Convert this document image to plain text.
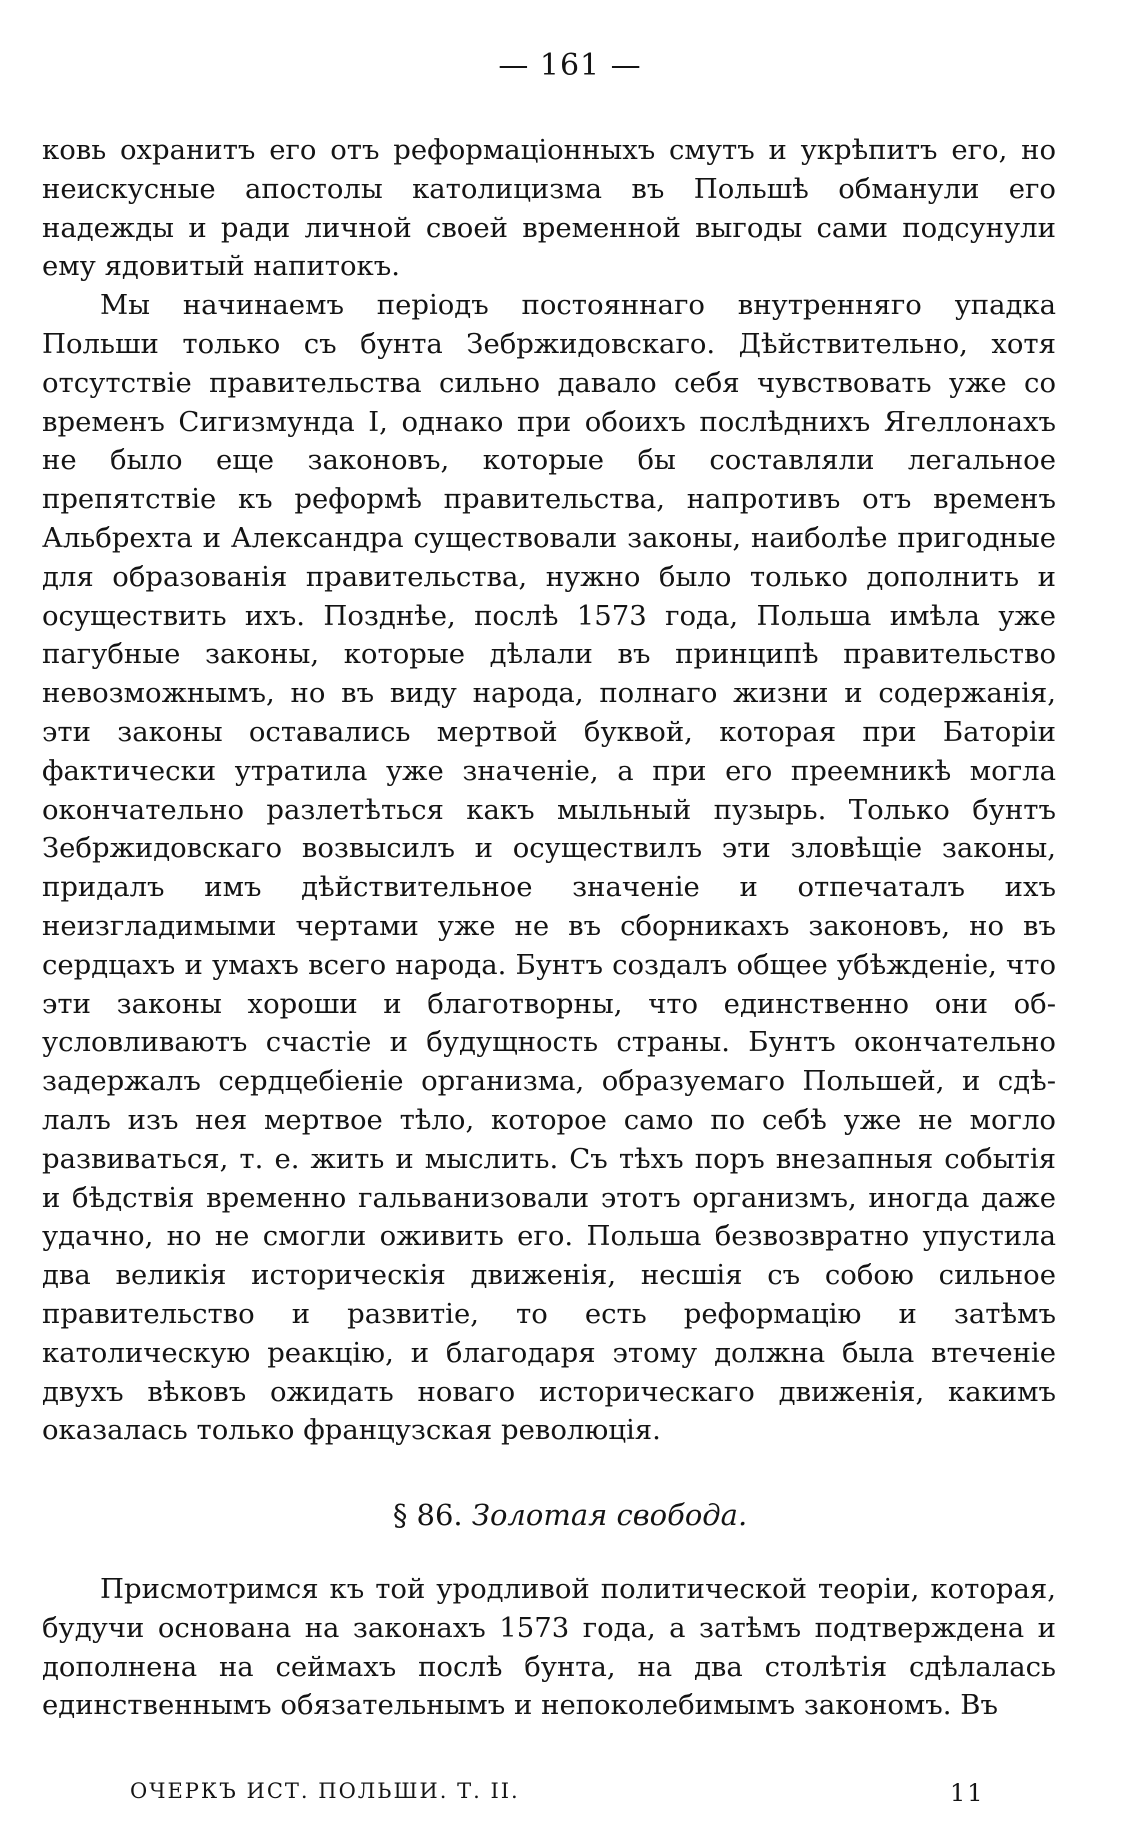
— 161 —

ковь охранитъ его отъ реформацiонныхъ смутъ и укрѣпитъ его, но неискусные апостолы католицизма въ Польшѣ обманули его надежды и ради личной своей временной выгоды сами подсунули ему ядовитый напитокъ.

Мы начинаемъ перiодъ постояннаго внутренняго упадка Польши только съ бунта Зебржидовскаго. Дѣйствительно, хотя отсутствiе правительства сильно давало себя чувствовать уже со временъ Сигизмунда I, однако при обоихъ послѣднихъ Ягеллонахъ не было еще законовъ, которые бы составляли легальное препятствiе къ реформѣ правительства, напротивъ отъ временъ Альбрехта и Александра существовали законы, наиболѣе пригодные для образованiя правительства, нужно было только дополнить и осуществить ихъ. Позднѣе, послѣ 1573 года, Польша имѣла уже пагубные законы, которые дѣлали въ принципѣ правительство невозможнымъ, но въ виду народа, полнаго жизни и содержанiя, эти законы оставались мертвой буквой, которая при Баторiи фактически утратила уже значенiе, а при его преемникѣ могла окончательно разлетѣться какъ мыльный пузырь. Только бунтъ Зебржидовскаго возвысилъ и осуществилъ эти зловѣщiе законы, придалъ имъ дѣйствительное значенiе и отпечаталъ ихъ неизгладимыми чертами уже не въ сборникахъ законовъ, но въ сердцахъ и умахъ всего народа. Бунтъ создалъ общее убѣжденiе, что эти законы хороши и благотворны, что единственно они обусловливаютъ счастiе и будущность страны. Бунтъ окончательно задержалъ сердцебiенiе организма, образуемаго Польшей, и сдѣлалъ изъ нея мертвое тѣло, которое само по себѣ уже не могло развиваться, т. е. жить и мыслить. Съ тѣхъ поръ внезапныя событiя и бѣдствiя временно гальванизовали этотъ организмъ, иногда даже удачно, но не смогли оживить его. Польша безвозвратно упустила два великiя историческiя движенiя, несшiя съ собою сильное правительство и развитiе, то есть реформацiю и затѣмъ католическую реакцiю, и благодаря этому должна была втеченiе двухъ вѣковъ ожидать новаго историческаго движенiя, какимъ оказалась только французская революцiя.

§ 86. Золотая свобода.

Присмотримся къ той уродливой политической теорiи, которая, будучи основана на законахъ 1573 года, а затѣмъ подтверждена и дополнена на сеймахъ послѣ бунта, на два столѣтiя сдѣлалась единственнымъ обязательнымъ и непоколебимымъ закономъ. Въ

ОЧЕРКЪ ИСТ. ПОЛЬШИ. Т. II.	11
